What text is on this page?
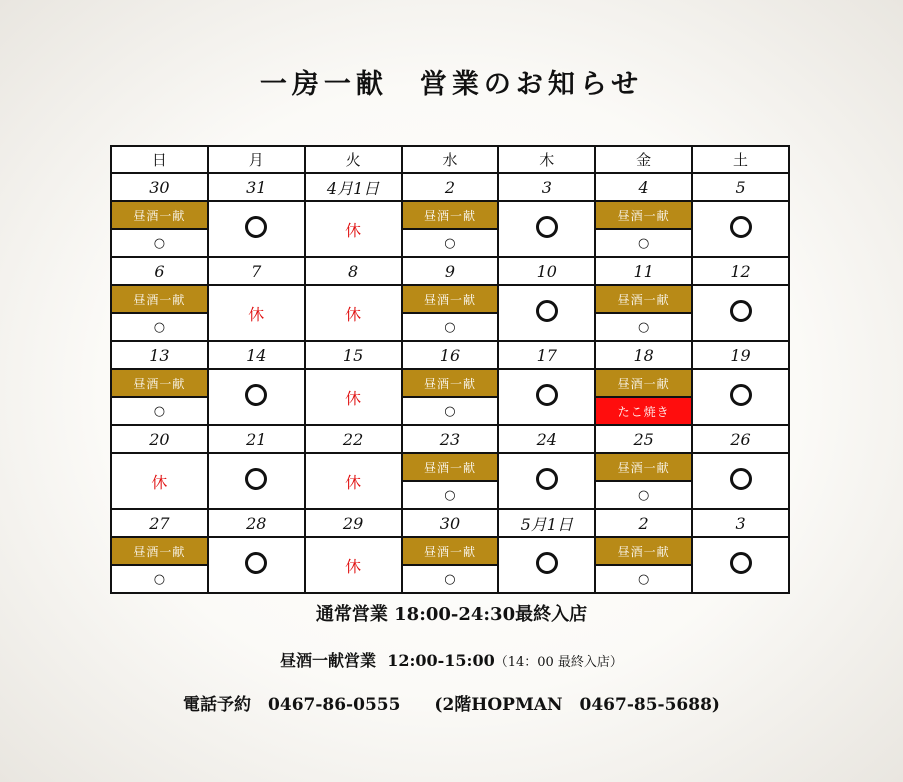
一房一献　営業のお知らせ
日	月	火	水	木	金	土
30	31	4月1日	2	3	4	5
昼酒一献		休	昼酒一献		昼酒一献	
○			○		○	
6	7	8	9	10	11	12
昼酒一献	休	休	昼酒一献		昼酒一献	
○			○		○	
13	14	15	16	17	18	19
昼酒一献		休	昼酒一献		昼酒一献	
○			○		たこ焼き	
20	21	22	23	24	25	26
休		休	昼酒一献		昼酒一献	
			○		○	
27	28	29	30	5月1日	2	3
昼酒一献		休	昼酒一献		昼酒一献	
○			○		○	
通常営業 18:00-24:30最終入店
昼酒一献営業  12:00-15:00（14：00 最終入店）
電話予約　0467-86-0555　　(2階HOPMAN　0467-85-5688)
